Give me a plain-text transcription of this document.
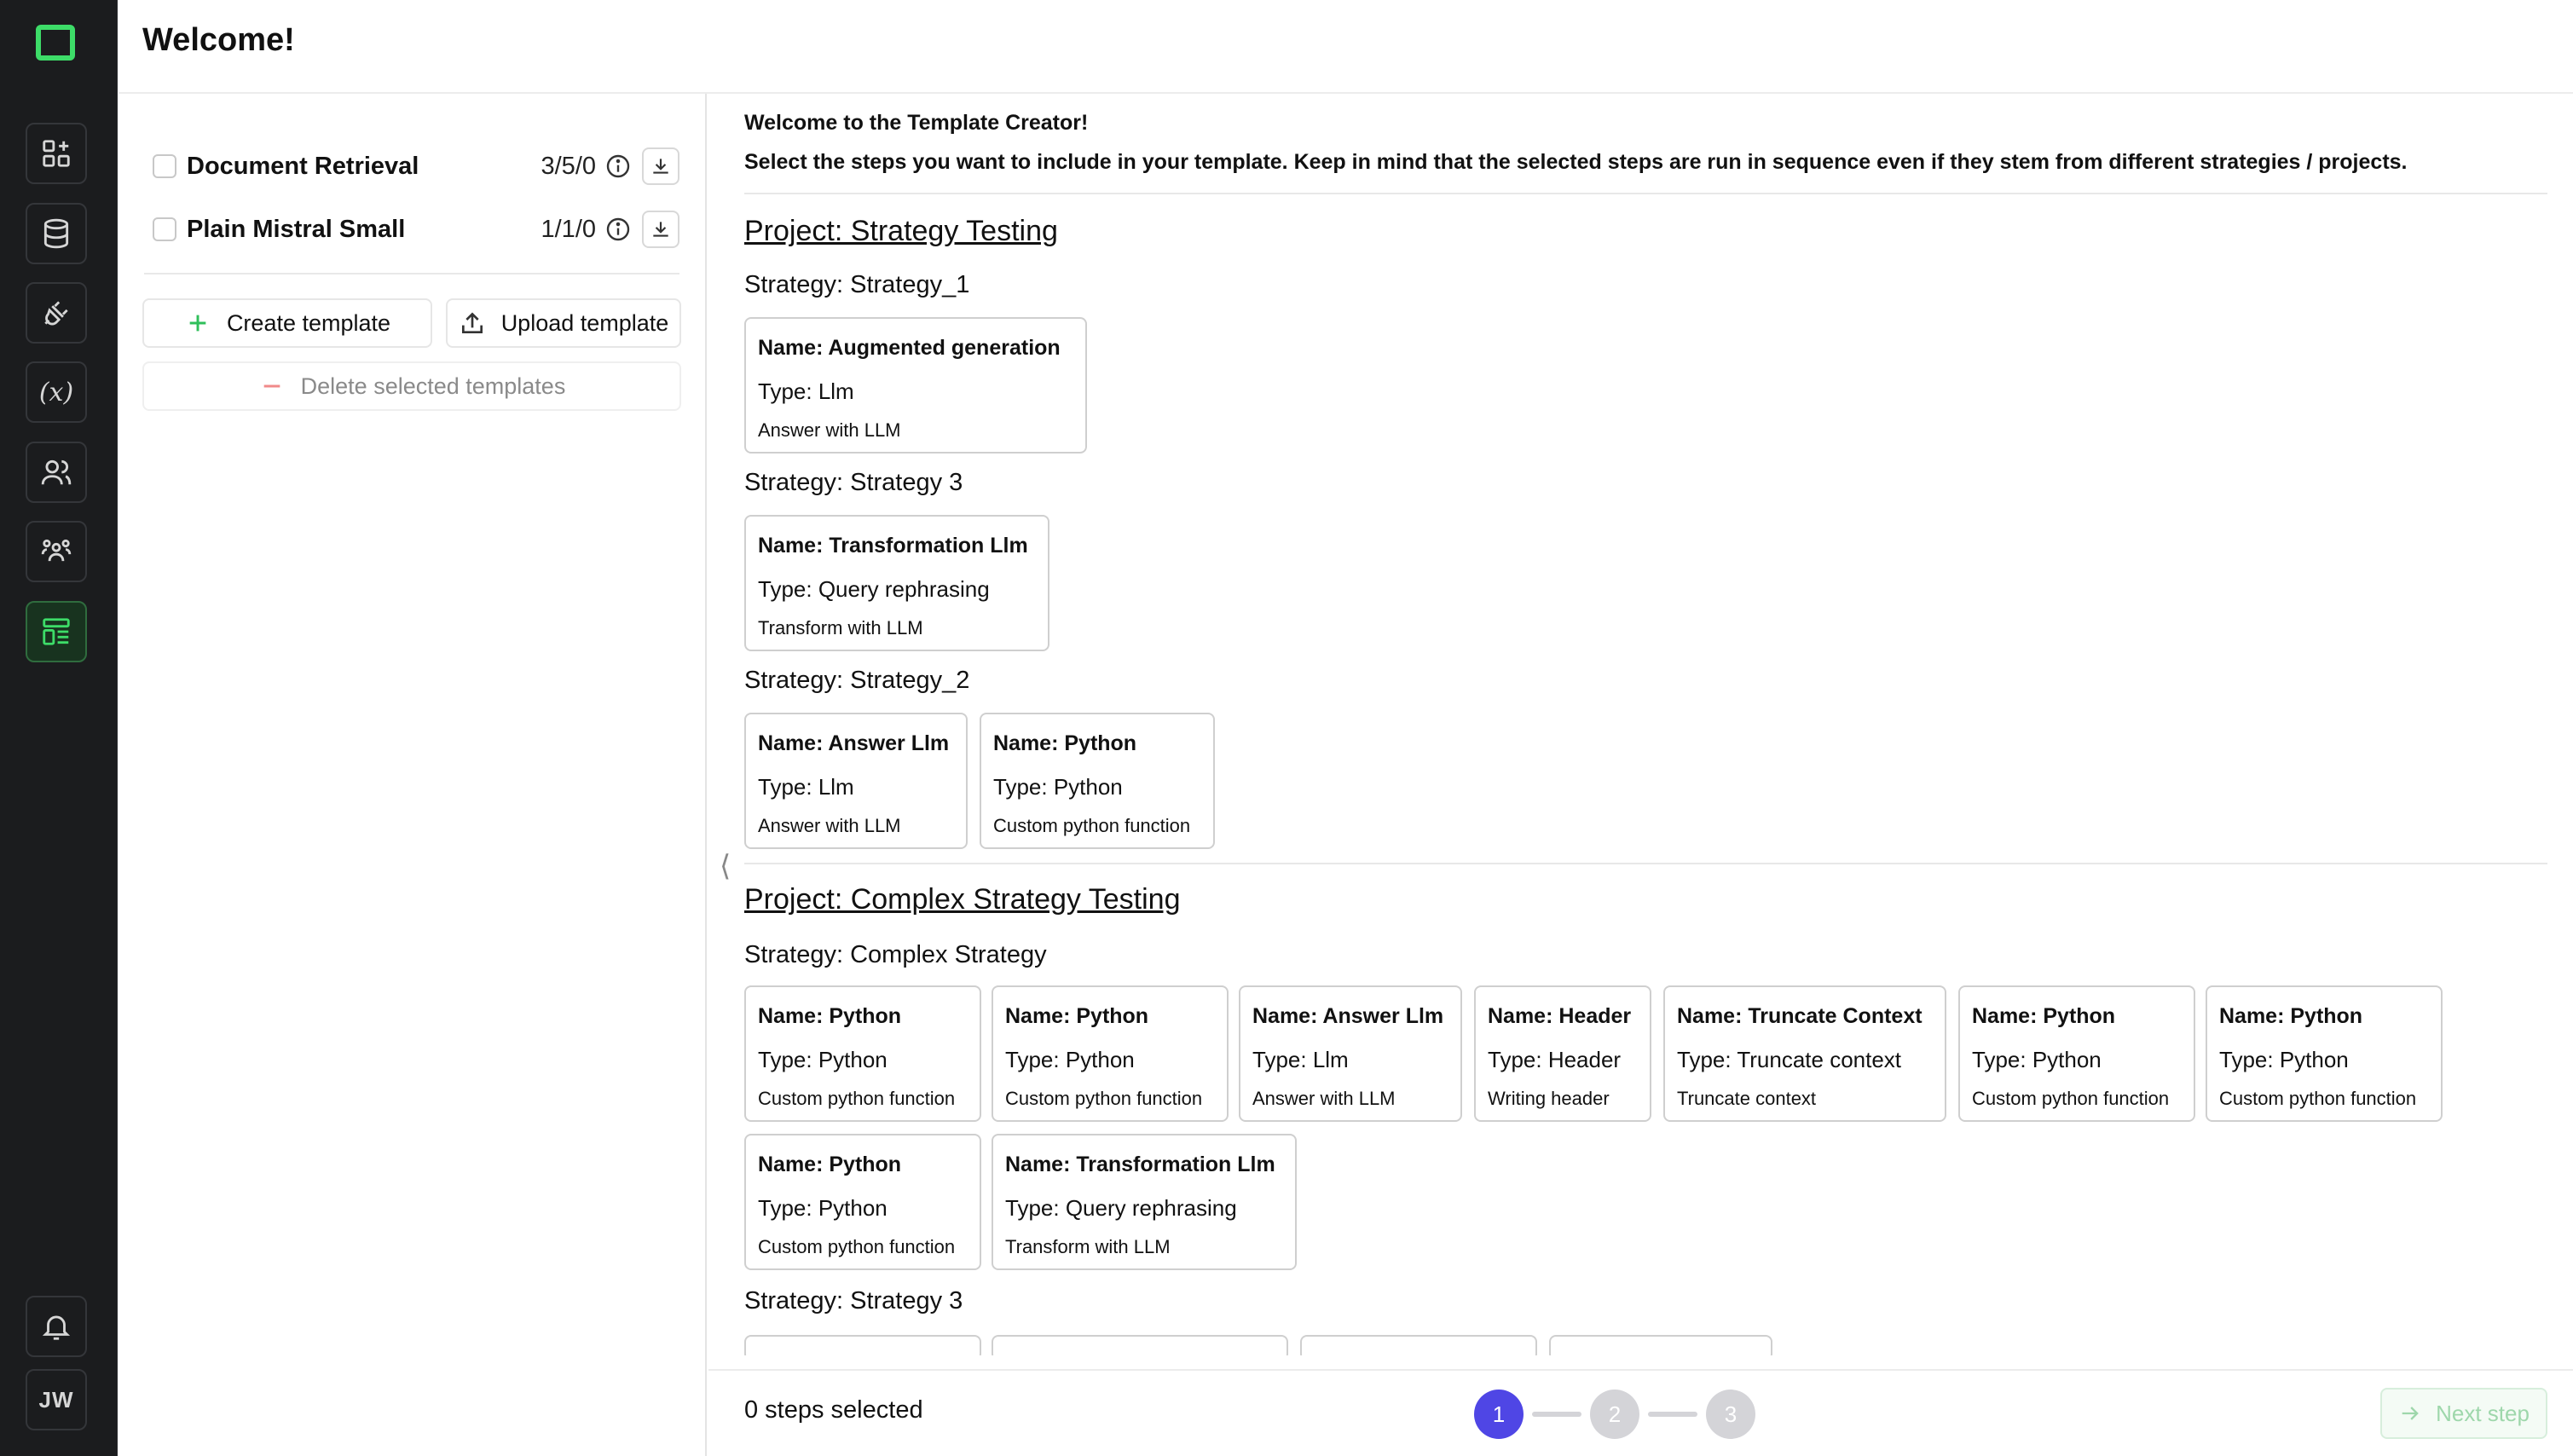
(x)
JW
Welcome!
Document Retrieval	3/5/0
Plain Mistral Small	1/1/0
Create template	Upload template
Delete selected templates
⟨
Welcome to the Template Creator!
Select the steps you want to include in your template. Keep in mind that the selected steps are run in sequence even if they stem from different strategies / projects.
Project: Strategy Testing
Strategy: Strategy_1
Name: Augmented generation
Type: Llm
Answer with LLM
Strategy: Strategy 3
Name: Transformation Llm
Type: Query rephrasing
Transform with LLM
Strategy: Strategy_2
Name: Answer Llm
Type: Llm
Answer with LLM
Name: Python
Type: Python
Custom python function
Project: Complex Strategy Testing
Strategy: Complex Strategy
Name: Python
Type: Python
Custom python function
Name: Python
Type: Python
Custom python function
Name: Answer Llm
Type: Llm
Answer with LLM
Name: Header
Type: Header
Writing header
Name: Truncate Context
Type: Truncate context
Truncate context
Name: Python
Type: Python
Custom python function
Name: Python
Type: Python
Custom python function
Name: Python
Type: Python
Custom python function
Name: Transformation Llm
Type: Query rephrasing
Transform with LLM
Strategy: Strategy 3
0 steps selected	1	2	3	Next step
